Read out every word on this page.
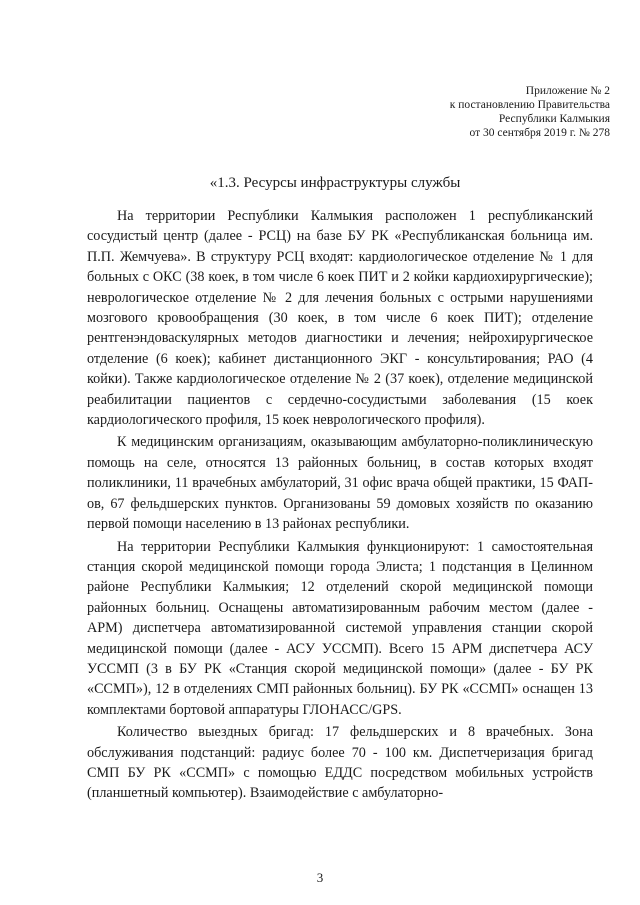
Приложение № 2
к постановлению Правительства
Республики Калмыкия
от 30 сентября 2019 г. № 278
«1.3. Ресурсы инфраструктуры службы

На территории Республики Калмыкия расположен 1 республиканский сосудистый центр (далее - РСЦ) на базе БУ РК «Республиканская больница им. П.П. Жемчуева». В структуру РСЦ входят: кардиологическое отделение № 1 для больных с ОКС (38 коек, в том числе 6 коек ПИТ и 2 койки кардиохирургические); неврологическое отделение № 2 для лечения больных с острыми нарушениями мозгового кровообращения (30 коек, в том числе 6 коек ПИТ); отделение рентгенэндоваскулярных методов диагностики и лечения; нейрохирургическое отделение (6 коек); кабинет дистанционного ЭКГ - консультирования; РАО (4 койки). Также кардиологическое отделение № 2 (37 коек), отделение медицинской реабилитации пациентов с сердечно-сосудистыми заболевания (15 коек кардиологического профиля, 15 коек неврологического профиля).

К медицинским организациям, оказывающим амбулаторно-поликлиническую помощь на селе, относятся 13 районных больниц, в состав которых входят поликлиники, 11 врачебных амбулаторий, 31 офис врача общей практики, 15 ФАП-ов, 67 фельдшерских пунктов. Организованы 59 домовых хозяйств по оказанию первой помощи населению в 13 районах республики.

На территории Республики Калмыкия функционируют: 1 самостоятельная станция скорой медицинской помощи города Элиста; 1 подстанция в Целинном районе Республики Калмыкия; 12 отделений скорой медицинской помощи районных больниц. Оснащены автоматизированным рабочим местом (далее - АРМ) диспетчера автоматизированной системой управления станции скорой медицинской помощи (далее - АСУ УССМП). Всего 15 АРМ диспетчера АСУ УССМП (3 в БУ РК «Станция скорой медицинской помощи» (далее - БУ РК «ССМП»), 12 в отделениях СМП районных больниц). БУ РК «ССМП» оснащен 13 комплектами бортовой аппаратуры ГЛОНАСС/GPS.

Количество выездных бригад: 17 фельдшерских и 8 врачебных. Зона обслуживания подстанций: радиус более 70 - 100 км. Диспетчеризация бригад СМП БУ РК «ССМП» с помощью ЕДДС посредством мобильных устройств (планшетный компьютер). Взаимодействие с амбулаторно-

3
